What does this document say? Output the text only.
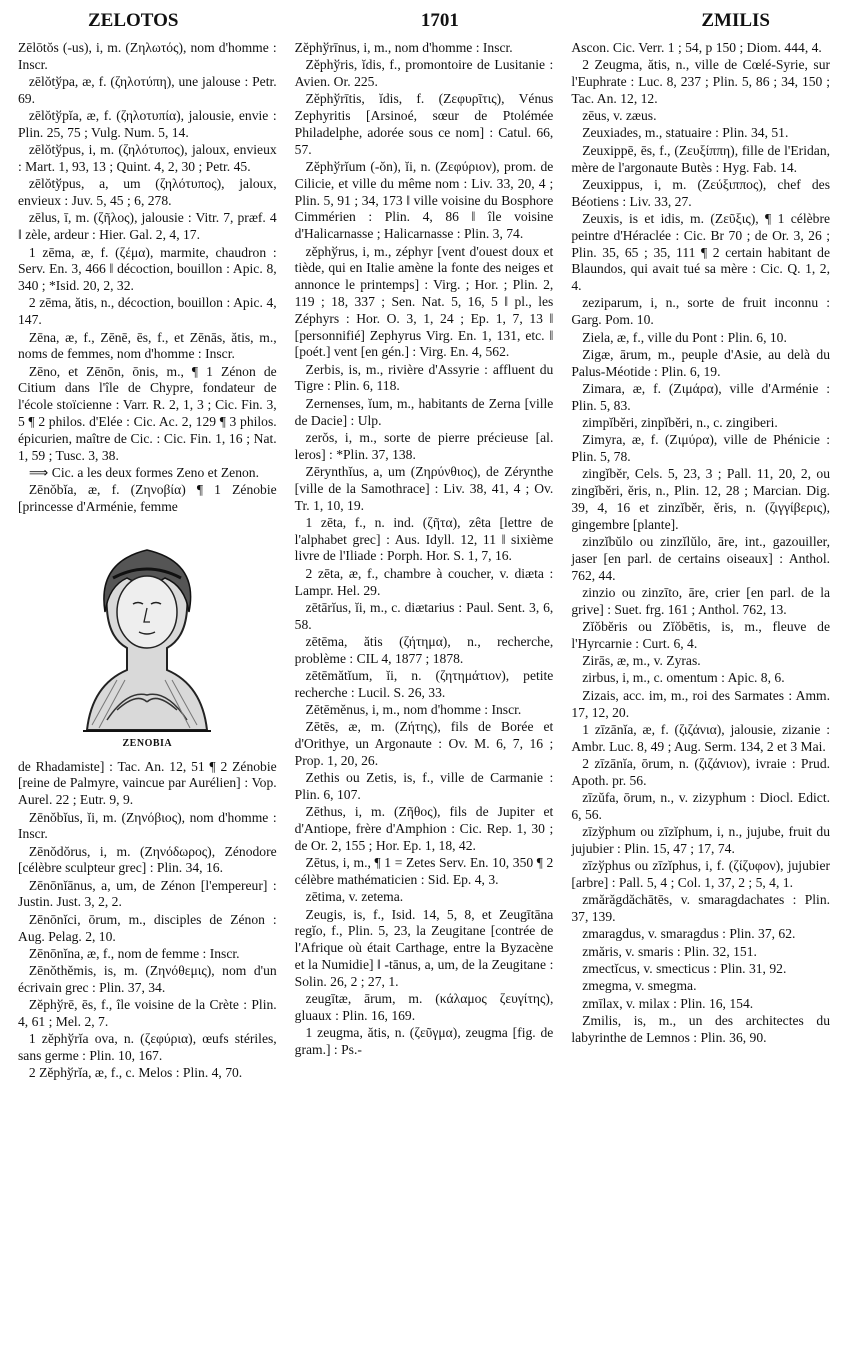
ZELOTOS	1701	ZMILIS

Zēlōtŏs (-us), i, m. (Ζηλωτός), nom d'homme : Inscr.

zēlŏtўpa, æ, f. (ζηλοτύπη), une jalouse : Petr. 69.

zēlŏtўpĭa, æ, f. (ζηλοτυπία), jalousie, envie : Plin. 25, 75 ; Vulg. Num. 5, 14.

zēlŏtўpus, i, m. (ζηλότυπος), jaloux, envieux : Mart. 1, 93, 13 ; Quint. 4, 2, 30 ; Petr. 45.

zēlŏtўpus, a, um (ζηλότυπος), jaloux, envieux : Juv. 5, 45 ; 6, 278.

zēlus, ī, m. (ζῆλος), jalousie : Vitr. 7, præf. 4 ‖ zèle, ardeur : Hier. Gal. 2, 4, 17.

1 zēma, æ, f. (ζέμα), marmite, chaudron : Serv. En. 3, 466 ‖ décoction, bouillon : Apic. 8, 340 ; *Isid. 20, 2, 32.

2 zēma, ătis, n., décoction, bouillon : Apic. 4, 147.

Zēna, æ, f., Zēnē, ēs, f., et Zēnās, ătis, m., noms de femmes, nom d'homme : Inscr.

Zēno, et Zēnōn, ōnis, m., ¶ 1 Zénon de Citium dans l'île de Chypre, fondateur de l'école stoïcienne : Varr. R. 2, 1, 3 ; Cic. Fin. 3, 5 ¶ 2 philos. d'Elée : Cic. Ac. 2, 129 ¶ 3 philos. épicurien, maître de Cic. : Cic. Fin. 1, 16 ; Nat. 1, 59 ; Tusc. 3, 38.

⟹ Cic. a les deux formes Zeno et Zenon.

Zēnŏbĭa, æ, f. (Ζηνοβία) ¶ 1 Zénobie [princesse d'Arménie, femme

ZENOBIA

de Rhadamiste] : Tac. An. 12, 51 ¶ 2 Zénobie [reine de Palmyre, vaincue par Aurélien] : Vop. Aurel. 22 ; Eutr. 9, 9.

Zēnŏbĭus, ĭi, m. (Ζηνόβιος), nom d'homme : Inscr.

Zēnŏdŏrus, i, m. (Ζηνόδωρος), Zénodore [célèbre sculpteur grec] : Plin. 34, 16.

Zēnōnĭānus, a, um, de Zénon [l'empereur] : Justin. Just. 3, 2, 2.

Zēnōnĭci, ōrum, m., disciples de Zénon : Aug. Pelag. 2, 10.

Zēnōnĭna, æ, f., nom de femme : Inscr.

Zēnŏthĕmis, is, m. (Ζηνόθεμις), nom d'un écrivain grec : Plin. 37, 34.

Zĕphўrē, ēs, f., île voisine de la Crète : Plin. 4, 61 ; Mel. 2, 7.

1 zĕphўrĭa ova, n. (ζεφύρια), œufs stériles, sans germe : Plin. 10, 167.

2 Zĕphўrĭa, æ, f., c. Melos : Plin. 4, 70.

Zĕphўrīnus, i, m., nom d'homme : Inscr.

Zĕphўris, ĭdis, f., promontoire de Lusitanie : Avien. Or. 225.

Zĕphўrītis, ĭdis, f. (Ζεφυρῖτις), Vénus Zephyritis [Arsinoé, sœur de Ptolémée Philadelphe, adorée sous ce nom] : Catul. 66, 57.

Zĕphўrĭum (-ŏn), ĭi, n. (Ζεφύριον), prom. de Cilicie, et ville du même nom : Liv. 33, 20, 4 ; Plin. 5, 91 ; 34, 173 ‖ ville voisine du Bosphore Cimmérien : Plin. 4, 86 ‖ île voisine d'Halicarnasse ; Halicarnasse : Plin. 3, 74.

zĕphўrus, i, m., zéphyr [vent d'ouest doux et tiède, qui en Italie amène la fonte des neiges et annonce le printemps] : Virg. ; Hor. ; Plin. 2, 119 ; 18, 337 ; Sen. Nat. 5, 16, 5 ‖ pl., les Zéphyrs : Hor. O. 3, 1, 24 ; Ep. 1, 7, 13 ‖ [personnifié] Zephyrus Virg. En. 1, 131, etc. ‖ [poét.] vent [en gén.] : Virg. En. 4, 562.

Zerbis, is, m., rivière d'Assyrie : affluent du Tigre : Plin. 6, 118.

Zernenses, ĭum, m., habitants de Zerna [ville de Dacie] : Ulp.

zerŏs, i, m., sorte de pierre précieuse [al. leros] : *Plin. 37, 138.

Zērynthĭus, a, um (Ζηρύνθιος), de Zérynthe [ville de la Samothrace] : Liv. 38, 41, 4 ; Ov. Tr. 1, 10, 19.

1 zēta, f., n. ind. (ζῆτα), zêta [lettre de l'alphabet grec] : Aus. Idyll. 12, 11 ‖ sixième livre de l'Iliade : Porph. Hor. S. 1, 7, 16.

2 zēta, æ, f., chambre à coucher, v. diæta : Lampr. Hel. 29.

zētārĭus, ĭi, m., c. diætarius : Paul. Sent. 3, 6, 58.

zētēma, ătis (ζήτημα), n., recherche, problème : CIL 4, 1877 ; 1878.

zētēmătĭum, ĭi, n. (ζητημάτιον), petite recherche : Lucil. S. 26, 33.

Zētēmĕnus, i, m., nom d'homme : Inscr.

Zētēs, æ, m. (Ζήτης), fils de Borée et d'Orithye, un Argonaute : Ov. M. 6, 7, 16 ; Prop. 1, 20, 26.

Zethis ou Zetis, is, f., ville de Carmanie : Plin. 6, 107.

Zēthus, i, m. (Ζῆθος), fils de Jupiter et d'Antiope, frère d'Amphion : Cic. Rep. 1, 30 ; de Or. 2, 155 ; Hor. Ep. 1, 18, 42.

Zētus, i, m., ¶ 1 = Zetes Serv. En. 10, 350 ¶ 2 célèbre mathématicien : Sid. Ep. 4, 3.

zētima, v. zetema.

Zeugis, is, f., Isid. 14, 5, 8, et Zeugītāna regĭo, f., Plin. 5, 23, la Zeugitane [contrée de l'Afrique où était Carthage, entre la Byzacène et la Numidie] ‖ -tānus, a, um, de la Zeugitane : Solin. 26, 2 ; 27, 1.

zeugītæ, ārum, m. (κάλαμος ζευγίτης), gluaux : Plin. 16, 169.

1 zeugma, ătis, n. (ζεῦγμα), zeugma [fig. de gram.] : Ps.-

Ascon. Cic. Verr. 1 ; 54, p 150 ; Diom. 444, 4.

2 Zeugma, ătis, n., ville de Cœlé-Syrie, sur l'Euphrate : Luc. 8, 237 ; Plin. 5, 86 ; 34, 150 ; Tac. An. 12, 12.

zēus, v. zæus.

Zeuxiades, m., statuaire : Plin. 34, 51.

Zeuxippē, ēs, f., (Ζευξίππη), fille de l'Eridan, mère de l'argonaute Butès : Hyg. Fab. 14.

Zeuxippus, i, m. (Ζεύξιππος), chef des Béotiens : Liv. 33, 27.

Zeuxis, is et idis, m. (Ζεῦξις), ¶ 1 célèbre peintre d'Héraclée : Cic. Br 70 ; de Or. 3, 26 ; Plin. 35, 65 ; 35, 111 ¶ 2 certain habitant de Blaundos, qui avait tué sa mère : Cic. Q. 1, 2, 4.

zeziparum, i, n., sorte de fruit inconnu : Garg. Pom. 10.

Ziela, æ, f., ville du Pont : Plin. 6, 10.

Zigæ, ārum, m., peuple d'Asie, au delà du Palus-Méotide : Plin. 6, 19.

Zimara, æ, f. (Ζιμάρα), ville d'Arménie : Plin. 5, 83.

zimpĭbĕri, zinpĭbĕri, n., c. zingiberi.

Zimyra, æ, f. (Ζιμύρα), ville de Phénicie : Plin. 5, 78.

zingĭbĕr, Cels. 5, 23, 3 ; Pall. 11, 20, 2, ou zingĭbĕri, ĕris, n., Plin. 12, 28 ; Marcian. Dig. 39, 4, 16 et zinzĭbĕr, ĕris, n. (ζιγγίβερις), gingembre [plante].

zinzĭbŭlo ou zinzĭlŭlo, āre, int., gazouiller, jaser [en parl. de certains oiseaux] : Anthol. 762, 44.

zinzio ou zinzīto, āre, crier [en parl. de la grive] : Suet. frg. 161 ; Anthol. 762, 13.

Zĭŏbĕris ou Zĭŏbētis, is, m., fleuve de l'Hyrcarnie : Curt. 6, 4.

Zirās, æ, m., v. Zyras.

zirbus, i, m., c. omentum : Apic. 8, 6.

Zizais, acc. im, m., roi des Sarmates : Amm. 17, 12, 20.

1 zīzānĭa, æ, f. (ζιζάνια), jalousie, zizanie : Ambr. Luc. 8, 49 ; Aug. Serm. 134, 2 et 3 Mai.

2 zīzānĭa, ōrum, n. (ζιζάνιον), ivraie : Prud. Apoth. pr. 56.

zīzŭfa, ōrum, n., v. zizyphum : Diocl. Edict. 6, 56.

zīzўphum ou zīzĭphum, i, n., jujube, fruit du jujubier : Plin. 15, 47 ; 17, 74.

zīzўphus ou zīzĭphus, i, f. (ζίζυφον), jujubier [arbre] : Pall. 5, 4 ; Col. 1, 37, 2 ; 5, 4, 1.

zmărăgdăchātēs, v. smaragdachates : Plin. 37, 139.

zmaragdus, v. smaragdus : Plin. 37, 62.

zmăris, v. smaris : Plin. 32, 151.

zmectĭcus, v. smecticus : Plin. 31, 92.

zmegma, v. smegma.

zmīlax, v. milax : Plin. 16, 154.

Zmilis, is, m., un des architectes du labyrinthe de Lemnos : Plin. 36, 90.
